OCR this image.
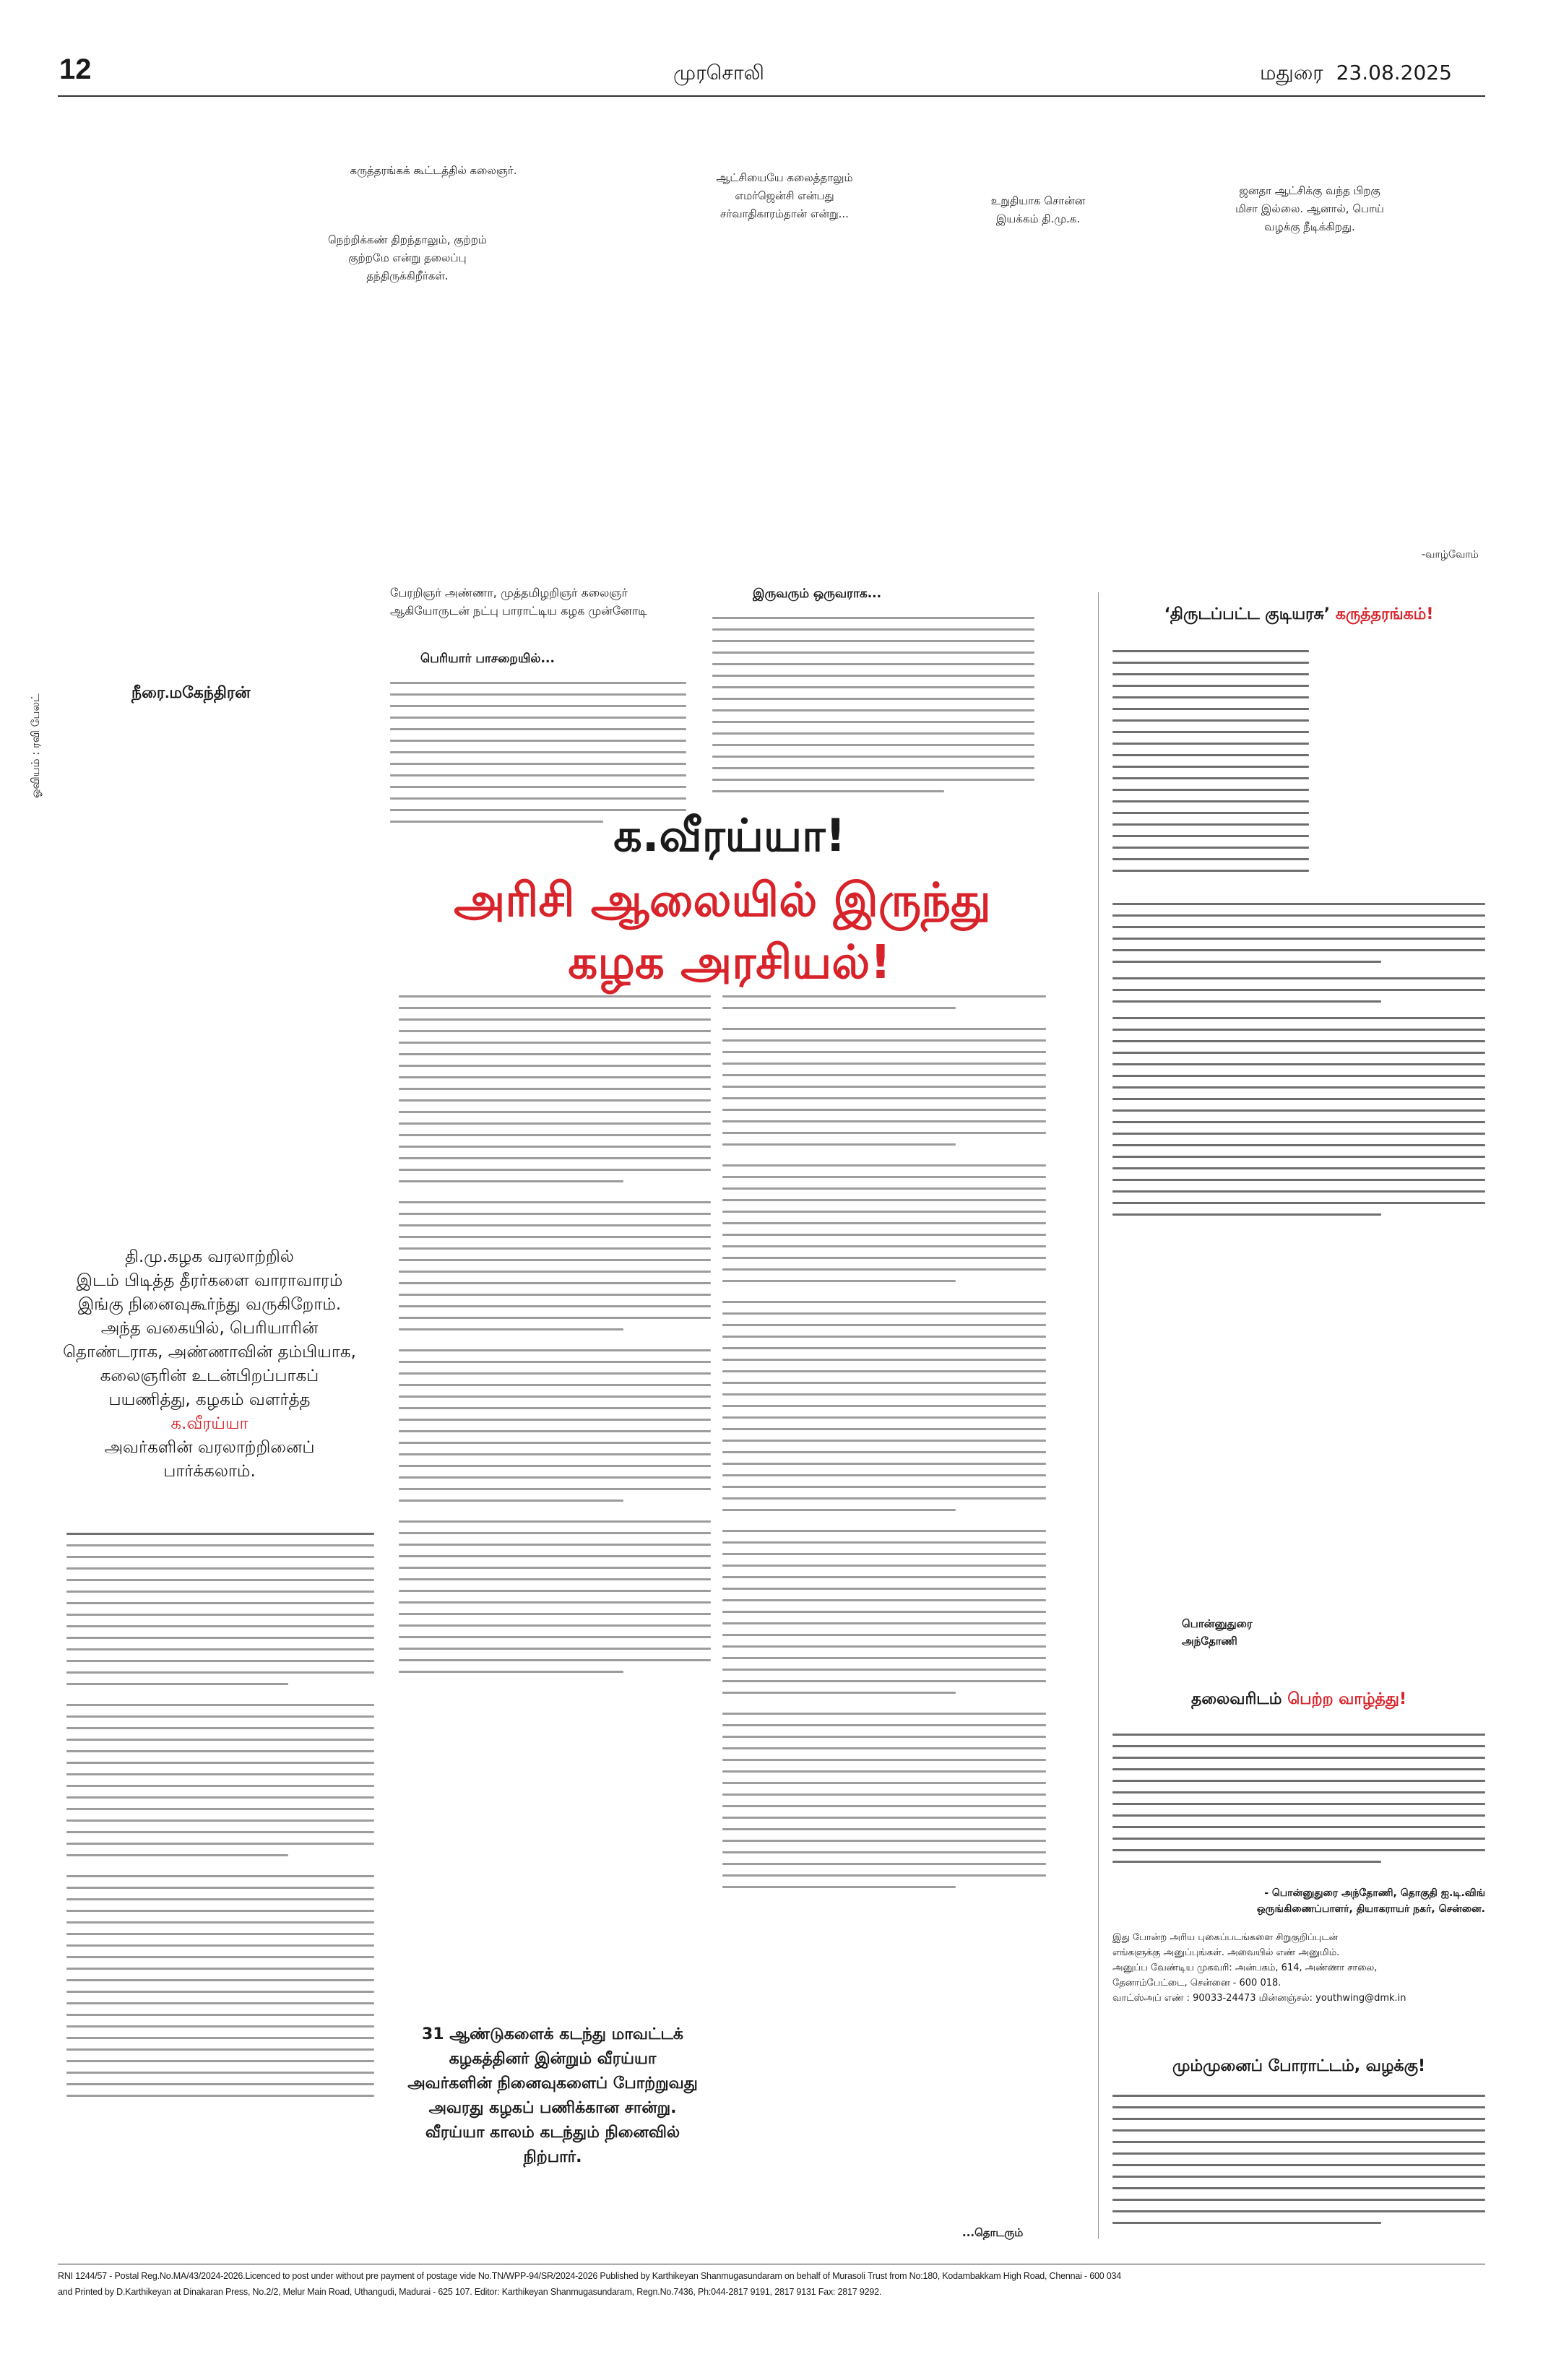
12	முரசொலி	மதுரை 23.08.2025
கருத்தரங்கக் கூட்டத்தில் கலைஞர்.
நெற்றிக்கண் திறந்தாலும், குற்றம் குற்றமே என்று தலைப்பு தந்திருக்கிறீர்கள்.
ஆட்சியையே கலைத்தாலும் எமர்ஜென்சி என்பது சர்வாதிகாரம்தான் என்று...
உறுதியாக சொன்ன இயக்கம் தி.மு.க.
ஜனதா ஆட்சிக்கு வந்த பிறகு மிசா இல்லை. ஆனால், பொய் வழக்கு நீடிக்கிறது.
-வாழ்வோம்
ஓவியம் : ரவி பேலட்
நீரை.மகேந்திரன்
பேரறிஞர் அண்ணா, முத்தமிழறிஞர் கலைஞர் ஆகியோருடன் நட்பு பாராட்டிய கழக முன்னோடி
பெரியார் பாசறையில்...
இருவரும் ஒருவராக...
க.வீரய்யா!
அரிசி ஆலையில் இருந்து
கழக அரசியல்!
தி.மு.கழக வரலாற்றில்
இடம் பிடித்த தீரர்களை வாராவாரம்
இங்கு நினைவுகூர்ந்து வருகிறோம்.
அந்த வகையில், பெரியாரின்
தொண்டராக, அண்ணாவின் தம்பியாக,
கலைஞரின் உடன்பிறப்பாகப்
பயணித்து, கழகம் வளர்த்த
க.வீரய்யா
அவர்களின் வரலாற்றினைப்
பார்க்கலாம்.
31 ஆண்டுகளைக் கடந்து மாவட்டக் கழகத்தினர் இன்றும் வீரய்யா அவர்களின் நினைவுகளைப் போற்றுவது அவரது கழகப் பணிக்கான சான்று. வீரய்யா காலம் கடந்தும் நினைவில் நிற்பார்.
...தொடரும்
‘திருடப்பட்ட குடியரசு’ கருத்தரங்கம்!
பொன்னுதுரை
அந்தோணி
தலைவரிடம் பெற்ற வாழ்த்து!
- பொன்னுதுரை அந்தோணி, தொகுதி ஐ.டி.விங்
ஒருங்கிணைப்பாளர், தியாகராயர் நகர், சென்னை.
இது போன்ற அரிய புகைப்படங்களை சிறுகுறிப்புடன்
எங்களுக்கு அனுப்புங்கள். அவையில் எண் அனுமிம்.
அனுப்ப வேண்டிய முகவரி: அன்பகம், 614, அண்ணா சாலை,
தேனாம்பேட்டை, சென்னை - 600 018.
வாட்ஸ்அப் எண் : 90033-24473 மின்னஞ்சல்: youthwing@dmk.in
மும்முனைப் போராட்டம், வழக்கு!
RNI 1244/57 - Postal Reg.No.MA/43/2024-2026.Licenced to post under without pre payment of postage vide No.TN/WPP-94/SR/2024-2026 Published by Karthikeyan Shanmugasundaram on behalf of Murasoli Trust from No:180, Kodambakkam High Road, Chennai - 600 034
and Printed by D.Karthikeyan at Dinakaran Press, No.2/2, Melur Main Road, Uthangudi, Madurai - 625 107. Editor: Karthikeyan Shanmugasundaram, Regn.No.7436, Ph:044-2817 9191, 2817 9131 Fax: 2817 9292.
